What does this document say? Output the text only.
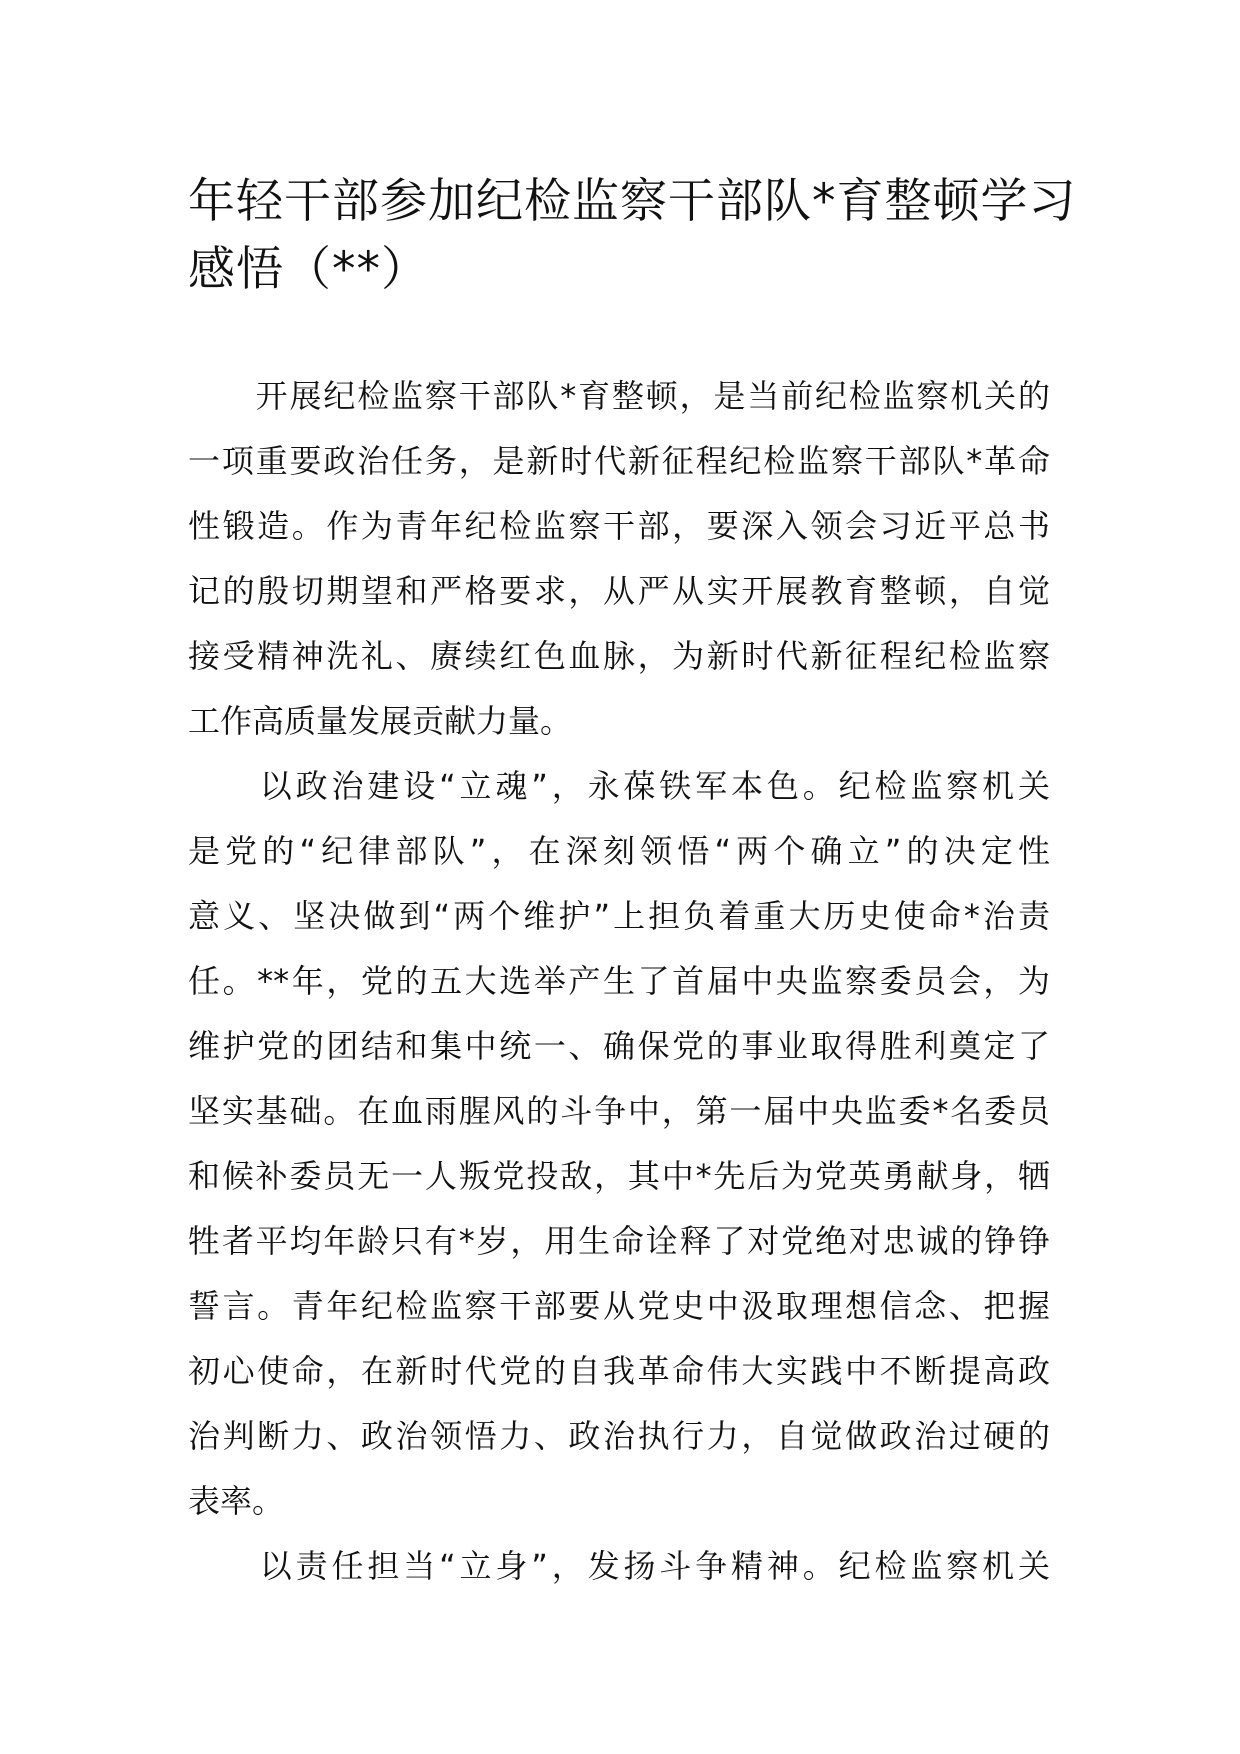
年轻干部参加纪检监察干部队*育整顿学习
感悟（**）
　　开展纪检监察干部队*育整顿，是当前纪检监察机关的
一项重要政治任务，是新时代新征程纪检监察干部队*革命
性锻造。作为青年纪检监察干部，要深入领会习近平总书
记的殷切期望和严格要求，从严从实开展教育整顿，自觉
接受精神洗礼、赓续红色血脉，为新时代新征程纪检监察
工作高质量发展贡献力量。
　　以政治建设“立魂”，永葆铁军本色。纪检监察机关
是党的“纪律部队”，在深刻领悟“两个确立”的决定性
意义、坚决做到“两个维护”上担负着重大历史使命*治责
任。**年，党的五大选举产生了首届中央监察委员会，为
维护党的团结和集中统一、确保党的事业取得胜利奠定了
坚实基础。在血雨腥风的斗争中，第一届中央监委*名委员
和候补委员无一人叛党投敌，其中*先后为党英勇献身，牺
牲者平均年龄只有*岁，用生命诠释了对党绝对忠诚的铮铮
誓言。青年纪检监察干部要从党史中汲取理想信念、把握
初心使命，在新时代党的自我革命伟大实践中不断提高政
治判断力、政治领悟力、政治执行力，自觉做政治过硬的
表率。
　　以责任担当“立身”，发扬斗争精神。纪检监察机关
